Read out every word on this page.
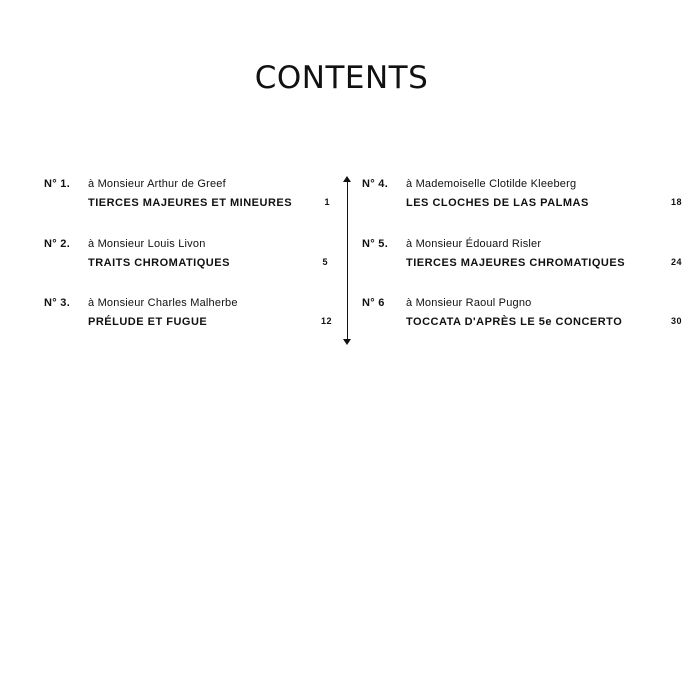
CONTENTS
N° 1. à Monsieur Arthur de Greef
TIERCES MAJEURES ET MINEURES	1
N° 2. à Monsieur Louis Livon
TRAITS CHROMATIQUES	5
N° 3. à Monsieur Charles Malherbe
PRÉLUDE ET FUGUE	12
N° 4. à Mademoiselle Clotilde Kleeberg
LES CLOCHES DE LAS PALMAS	18
N° 5. à Monsieur Édouard Risler
TIERCES MAJEURES CHROMATIQUES	24
N° 6 à Monsieur Raoul Pugno
TOCCATA D'APRÈS LE 5e CONCERTO	30
